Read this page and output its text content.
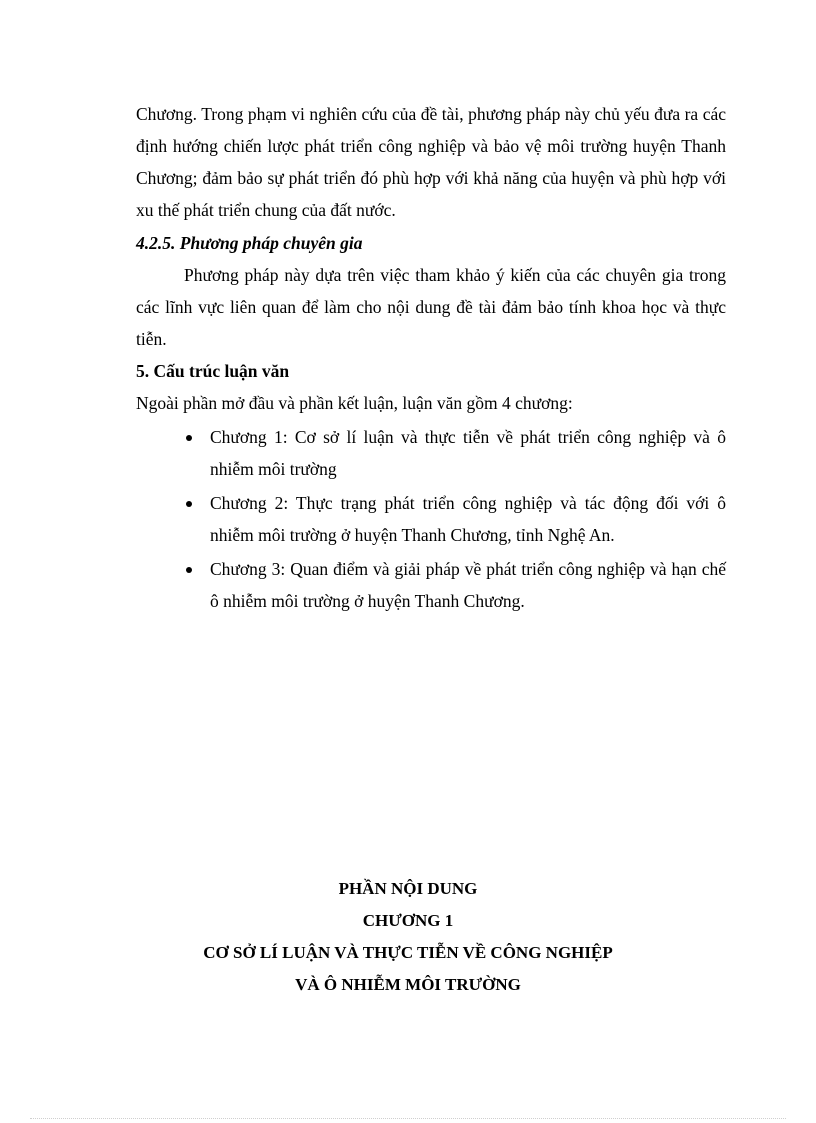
Chương. Trong phạm vi nghiên cứu của đề tài, phương pháp này chủ yếu đưa ra các định hướng chiến lược phát triển công nghiệp và bảo vệ môi trường huyện Thanh Chương; đảm bảo sự phát triển đó phù hợp với khả năng của huyện và phù hợp với xu thế phát triển chung của đất nước.
4.2.5. Phương pháp chuyên gia
Phương pháp này dựa trên việc tham khảo ý kiến của các chuyên gia trong các lĩnh vực liên quan để làm cho nội dung đề tài đảm bảo tính khoa học và thực tiễn.
5. Cấu trúc luận văn
Ngoài phần mở đầu và phần kết luận, luận văn gồm 4 chương:
Chương 1: Cơ sở lí luận và thực tiễn về phát triển công nghiệp và ô nhiễm môi trường
Chương 2: Thực trạng phát triển công nghiệp và tác động đối với ô nhiễm môi trường ở huyện Thanh Chương, tỉnh Nghệ An.
Chương 3: Quan điểm và giải pháp về phát triển công nghiệp và hạn chế ô nhiễm môi trường ở huyện Thanh Chương.
PHẦN NỘI DUNG
CHƯƠNG 1
CƠ SỞ LÍ LUẬN VÀ THỰC TIỄN VỀ CÔNG NGHIỆP
VÀ Ô NHIỄM MÔI TRƯỜNG
